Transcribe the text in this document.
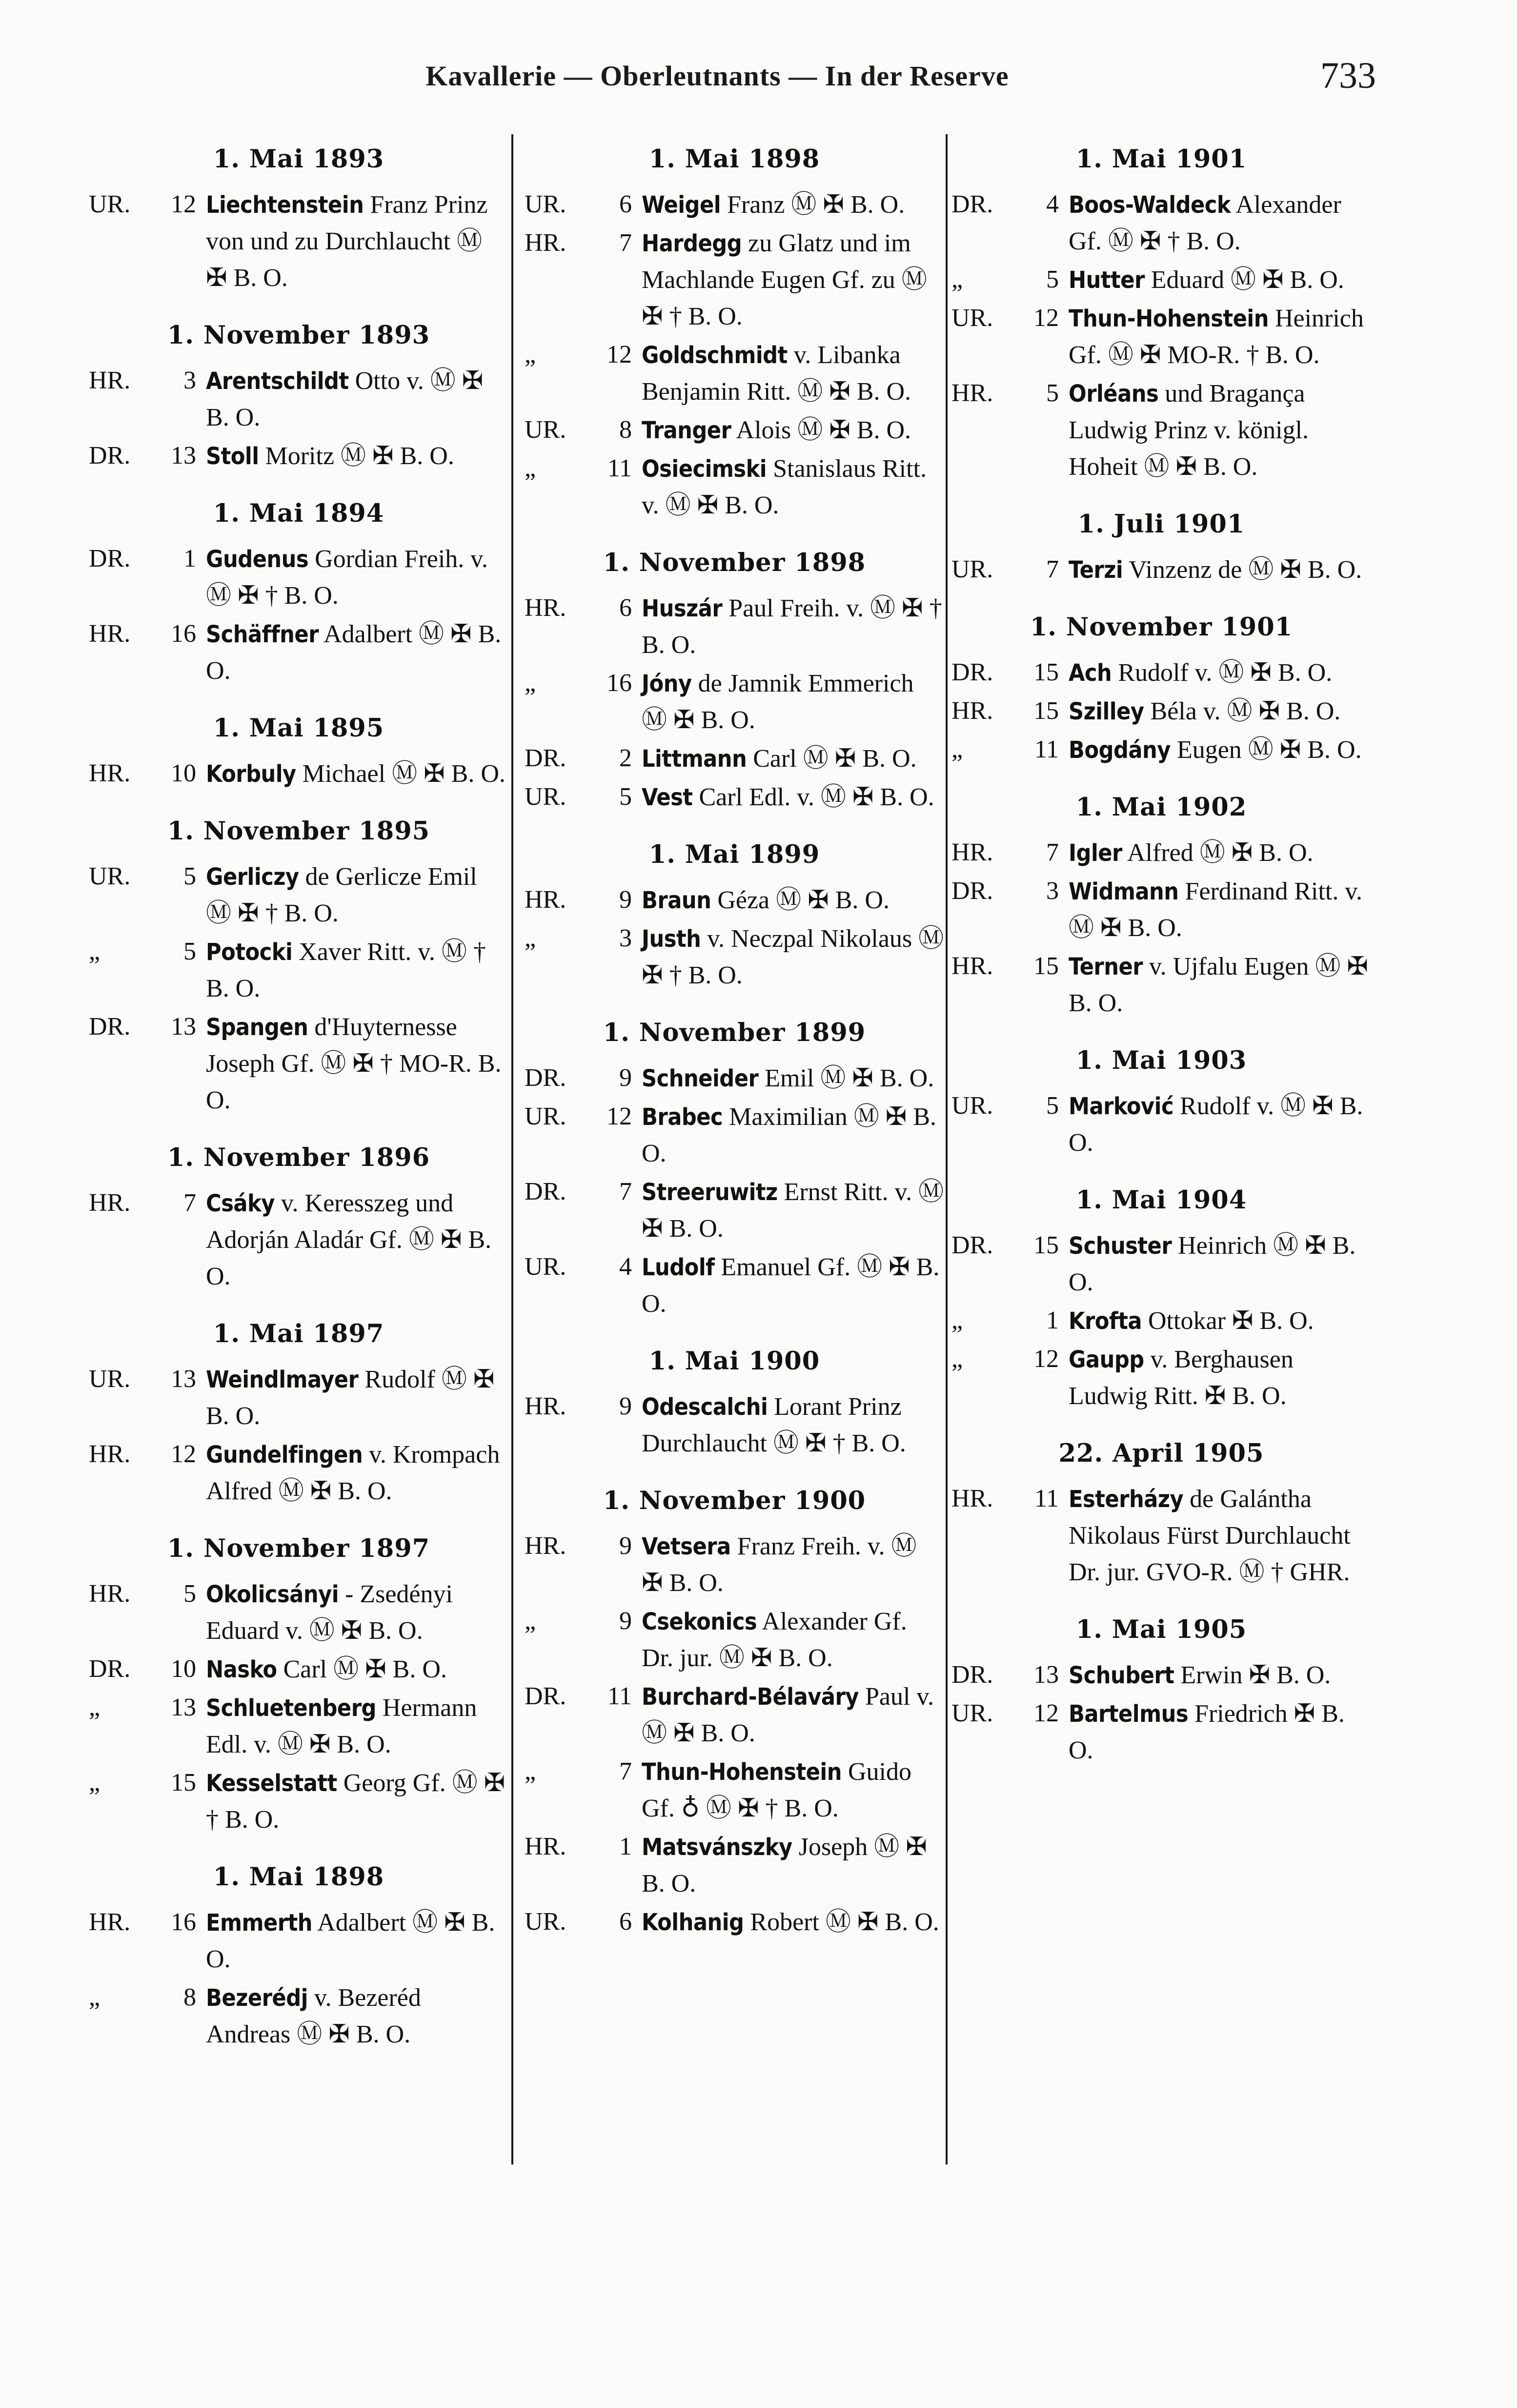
Kavallerie — Oberleutnants — In der Reserve	733
1. Mai 1893
UR.	12 Liechtenstein Franz Prinz von und zu Durchlaucht Ⓜ ✠ B. O.
1. November 1893
HR.	3 Arentschildt Otto v. Ⓜ ✠ B. O.
DR.	13 Stoll Moritz Ⓜ ✠ B. O.
1. Mai 1894
DR.	1 Gudenus Gordian Freih. v. Ⓜ ✠ † B. O.
HR.	16 Schäffner Adalbert Ⓜ ✠ B. O.
1. Mai 1895
HR.	10 Korbuly Michael Ⓜ ✠ B. O.
1. November 1895
UR.	5 Gerliczy de Gerlicze Emil Ⓜ ✠ † B. O.
„	5 Potocki Xaver Ritt. v. Ⓜ † B. O.
DR.	13 Spangen d'Huyternesse Joseph Gf. Ⓜ ✠ † MO-R. B. O.
1. November 1896
HR.	7 Csáky v. Keresszeg und Adorján Aladár Gf. Ⓜ ✠ B. O.
1. Mai 1897
UR.	13 Weindlmayer Rudolf Ⓜ ✠ B. O.
HR.	12 Gundelfingen v. Krompach Alfred Ⓜ ✠ B. O.
1. November 1897
HR.	5 Okolicsányi - Zsedényi Eduard v. Ⓜ ✠ B. O.
DR.	10 Nasko Carl Ⓜ ✠ B. O.
„	13 Schluetenberg Hermann Edl. v. Ⓜ ✠ B. O.
„	15 Kesselstatt Georg Gf. Ⓜ ✠ † B. O.
1. Mai 1898
HR.	16 Emmerth Adalbert Ⓜ ✠ B. O.
„	8 Bezerédj v. Bezeréd Andreas Ⓜ ✠ B. O.
1. Mai 1898
UR.	6 Weigel Franz Ⓜ ✠ B. O.
HR.	7 Hardegg zu Glatz und im Machlande Eugen Gf. zu Ⓜ ✠ † B. O.
„	12 Goldschmidt v. Libanka Benjamin Ritt. Ⓜ ✠ B. O.
UR.	8 Tranger Alois Ⓜ ✠ B. O.
„	11 Osiecimski Stanislaus Ritt. v. Ⓜ ✠ B. O.
1. November 1898
HR.	6 Huszár Paul Freih. v. Ⓜ ✠ † B. O.
„	16 Jóny de Jamnik Emmerich Ⓜ ✠ B. O.
DR.	2 Littmann Carl Ⓜ ✠ B. O.
UR.	5 Vest Carl Edl. v. Ⓜ ✠ B. O.
1. Mai 1899
HR.	9 Braun Géza Ⓜ ✠ B. O.
„	3 Justh v. Neczpal Nikolaus Ⓜ ✠ † B. O.
1. November 1899
DR.	9 Schneider Emil Ⓜ ✠ B. O.
UR.	12 Brabec Maximilian Ⓜ ✠ B. O.
DR.	7 Streeruwitz Ernst Ritt. v. Ⓜ ✠ B. O.
UR.	4 Ludolf Emanuel Gf. Ⓜ ✠ B. O.
1. Mai 1900
HR.	9 Odescalchi Lorant Prinz Durchlaucht Ⓜ ✠ † B. O.
1. November 1900
HR.	9 Vetsera Franz Freih. v. Ⓜ ✠ B. O.
„	9 Csekonics Alexander Gf. Dr. jur. Ⓜ ✠ B. O.
DR.	11 Burchard-Bélaváry Paul v. Ⓜ ✠ B. O.
„	7 Thun-Hohenstein Guido Gf. ♁ Ⓜ ✠ † B. O.
HR.	1 Matsvánszky Joseph Ⓜ ✠ B. O.
UR.	6 Kolhanig Robert Ⓜ ✠ B. O.
1. Mai 1901
DR.	4 Boos-Waldeck Alexander Gf. Ⓜ ✠ † B. O.
„	5 Hutter Eduard Ⓜ ✠ B. O.
UR.	12 Thun-Hohenstein Heinrich Gf. Ⓜ ✠ MO-R. † B. O.
HR.	5 Orléans und Bragança Ludwig Prinz v. königl. Hoheit Ⓜ ✠ B. O.
1. Juli 1901
UR.	7 Terzi Vinzenz de Ⓜ ✠ B. O.
1. November 1901
DR.	15 Ach Rudolf v. Ⓜ ✠ B. O.
HR.	15 Szilley Béla v. Ⓜ ✠ B. O.
„	11 Bogdány Eugen Ⓜ ✠ B. O.
1. Mai 1902
HR.	7 Igler Alfred Ⓜ ✠ B. O.
DR.	3 Widmann Ferdinand Ritt. v. Ⓜ ✠ B. O.
HR.	15 Terner v. Ujfalu Eugen Ⓜ ✠ B. O.
1. Mai 1903
UR.	5 Marković Rudolf v. Ⓜ ✠ B. O.
1. Mai 1904
DR.	15 Schuster Heinrich Ⓜ ✠ B. O.
„	1 Krofta Ottokar ✠ B. O.
„	12 Gaupp v. Berghausen Ludwig Ritt. ✠ B. O.
22. April 1905
HR.	11 Esterházy de Galántha Nikolaus Fürst Durchlaucht Dr. jur. GVO-R. Ⓜ † GHR.
1. Mai 1905
DR.	13 Schubert Erwin ✠ B. O.
UR.	12 Bartelmus Friedrich ✠ B. O.
